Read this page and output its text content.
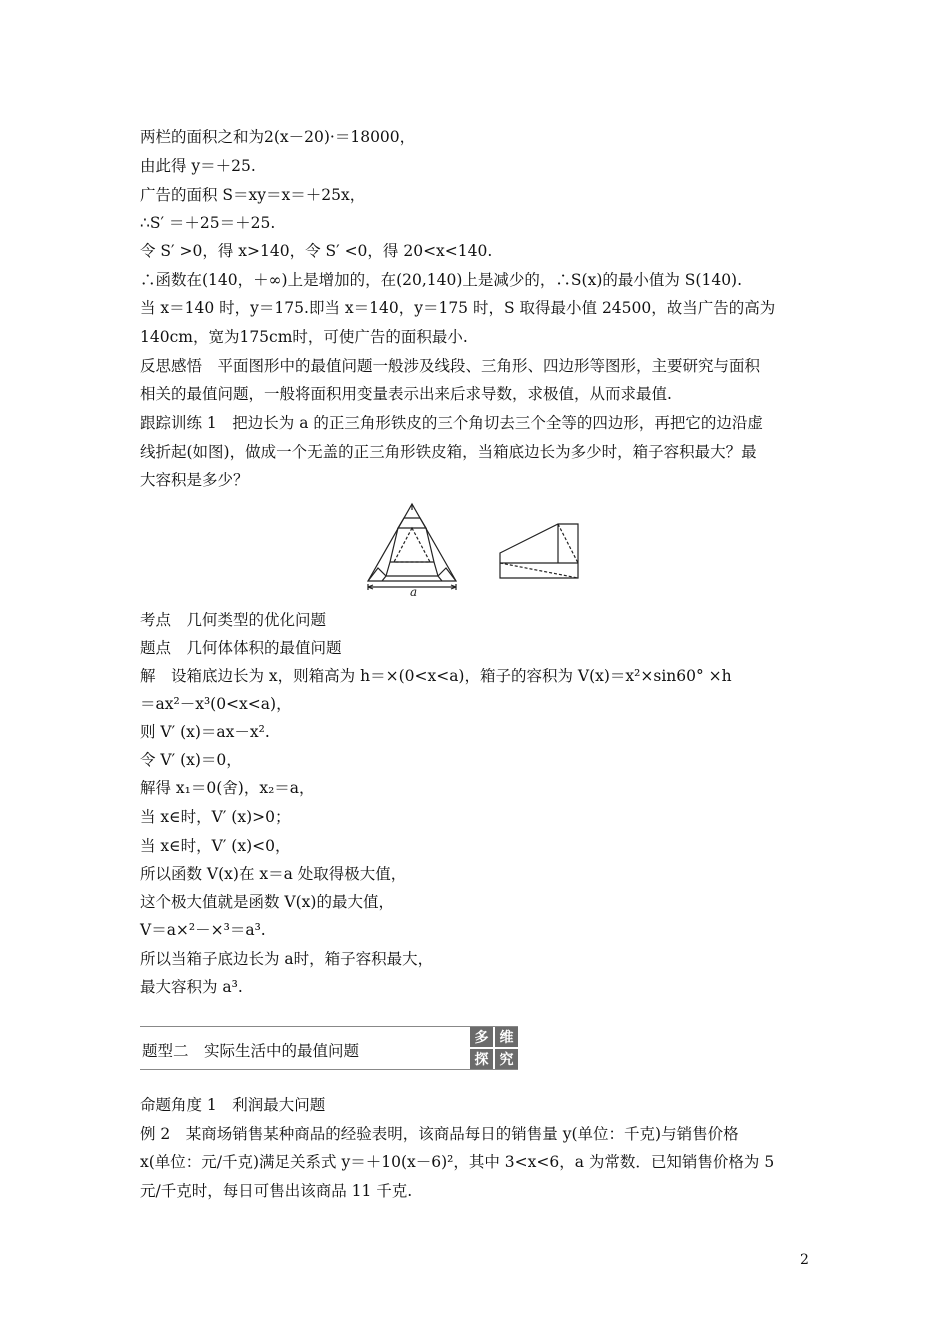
两栏的面积之和为2(x－20)·＝18000，
由此得 y＝＋25.
广告的面积 S＝xy＝x＝＋25x，
∴S′ ＝＋25＝＋25.
令 S′ >0，得 x>140，令 S′ <0，得 20<x<140.
∴函数在(140，＋∞)上是增加的，在(20,140)上是减少的，∴S(x)的最小值为 S(140).
当 x＝140 时，y＝175.即当 x＝140，y＝175 时，S 取得最小值 24500，故当广告的高为
140cm，宽为175cm时，可使广告的面积最小.
反思感悟　平面图形中的最值问题一般涉及线段、三角形、四边形等图形，主要研究与面积
相关的最值问题，一般将面积用变量表示出来后求导数，求极值，从而求最值.
跟踪训练 1　把边长为 a 的正三角形铁皮的三个角切去三个全等的四边形，再把它的边沿虚
线折起(如图)，做成一个无盖的正三角形铁皮箱，当箱底边长为多少时，箱子容积最大？最
大容积是多少？
a
考点　几何类型的优化问题
题点　几何体体积的最值问题
解　设箱底边长为 x，则箱高为 h＝×(0<x<a)，箱子的容积为 V(x)＝x²×sin60° ×h
＝ax²－x³(0<x<a)，
则 V′ (x)＝ax－x².
令 V′ (x)＝0，
解得 x₁＝0(舍)，x₂＝a，
当 x∈时，V′ (x)>0；
当 x∈时，V′ (x)<0，
所以函数 V(x)在 x＝a 处取得极大值，
这个极大值就是函数 V(x)的最大值，
V＝a×²－×³＝a³.
所以当箱子底边长为 a时，箱子容积最大，
最大容积为 a³.
题型二　实际生活中的最值问题
多 维
探 究
命题角度 1　利润最大问题
例 2　某商场销售某种商品的经验表明，该商品每日的销售量 y(单位：千克)与销售价格
x(单位：元/千克)满足关系式 y＝＋10(x－6)²，其中 3<x<6，a 为常数．已知销售价格为 5
元/千克时，每日可售出该商品 11 千克.
2
